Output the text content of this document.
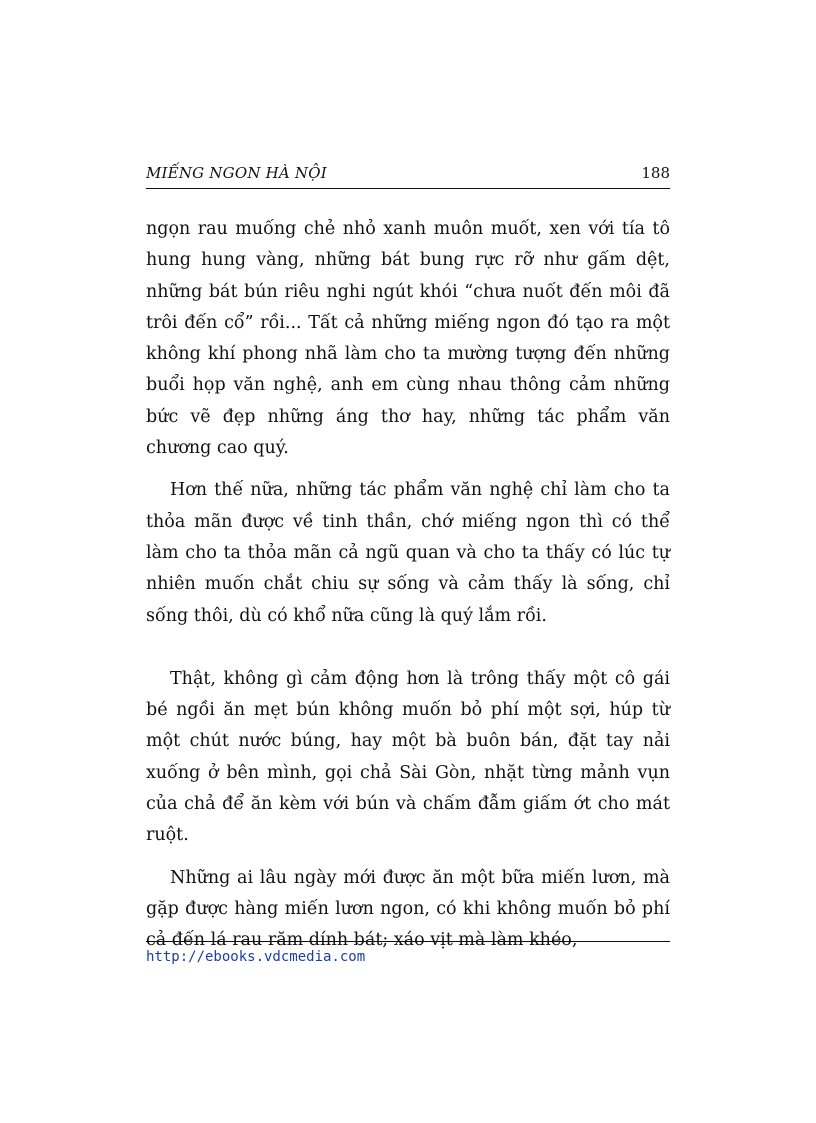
MIẾNG NGON HÀ NỘI	188

ngọn rau muống chẻ nhỏ xanh muôn muốt, xen với tía tô hung hung vàng, những bát bung rực rỡ như gấm dệt, những bát bún riêu nghi ngút khói “chưa nuốt đến môi đã trôi đến cổ” rồi... Tất cả những miếng ngon đó tạo ra một không khí phong nhã làm cho ta mường tượng đến những buổi họp văn nghệ, anh em cùng nhau thông cảm những bức vẽ đẹp những áng thơ hay, những tác phẩm văn chương cao quý.

Hơn thế nữa, những tác phẩm văn nghệ chỉ làm cho ta thỏa mãn được về tinh thần, chớ miếng ngon thì có thể làm cho ta thỏa mãn cả ngũ quan và cho ta thấy có lúc tự nhiên muốn chắt chiu sự sống và cảm thấy là sống, chỉ sống thôi, dù có khổ nữa cũng là quý lắm rồi.

Thật, không gì cảm động hơn là trông thấy một cô gái bé ngồi ăn mẹt bún không muốn bỏ phí một sợi, húp từ một chút nước búng, hay một bà buôn bán, đặt tay nải xuống ở bên mình, gọi chả Sài Gòn, nhặt từng mảnh vụn của chả để ăn kèm với bún và chấm đẫm giấm ớt cho mát ruột.

Những ai lâu ngày mới được ăn một bữa miến lươn, mà gặp được hàng miến lươn ngon, có khi không muốn bỏ phí cả đến lá rau răm dính bát; xáo vịt mà làm khéo,

http://ebooks.vdcmedia.com
